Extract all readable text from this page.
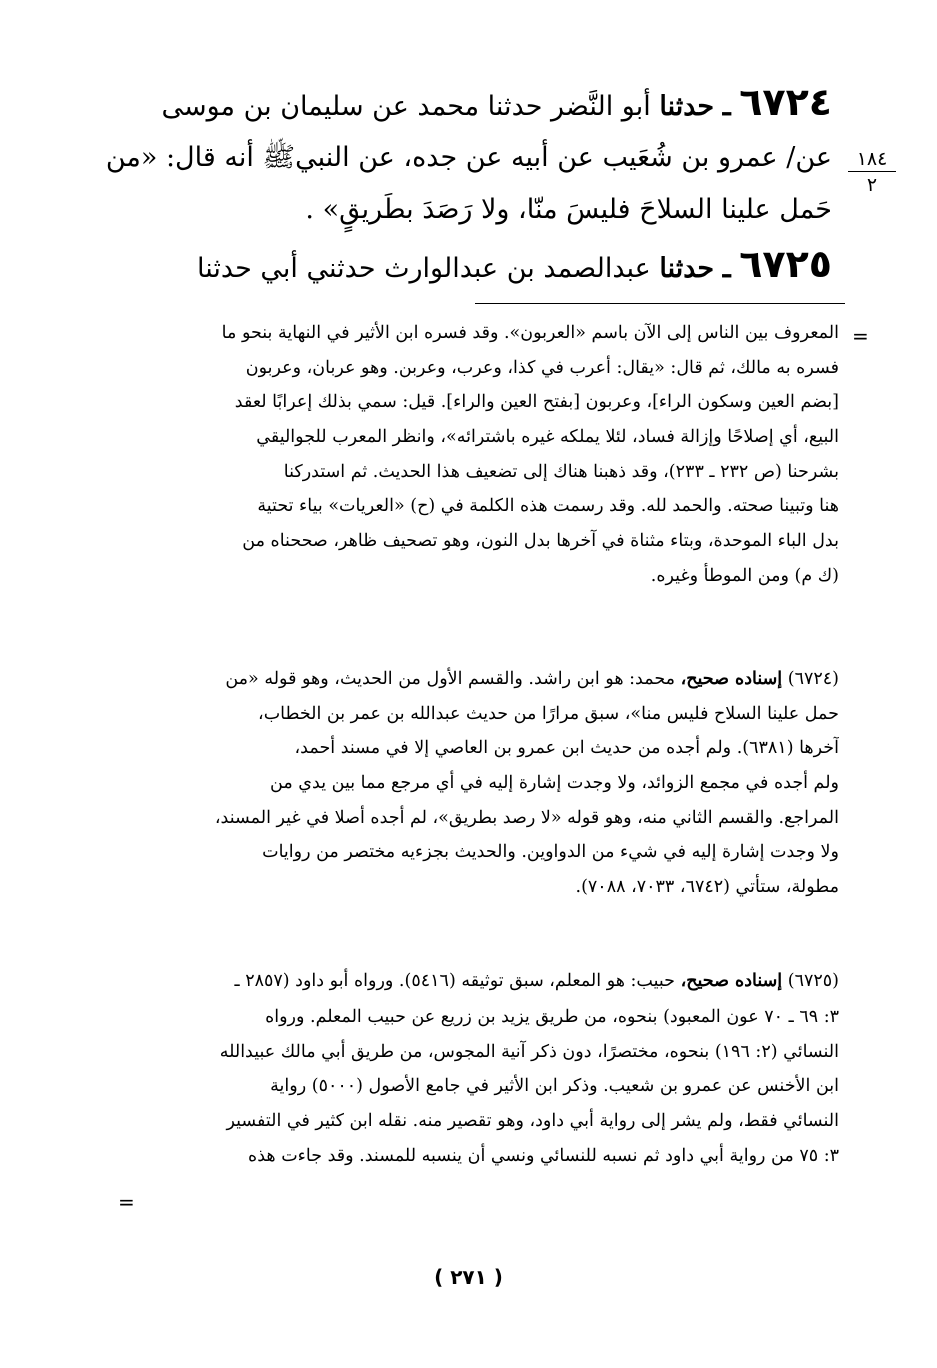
٦٧٢٤ ـ حدثنا أبو النَّضر حدثنا محمد عن سليمان بن موسى
عن/ عمرو بن شُعَيب عن أبيه عن جده، عن النبيﷺ أنه قال: «من
حَمل علينا السلاحَ فليسَ منّا، ولا رَصَدَ بطَريقٍ» .
١٨٤
٢
٦٧٢٥ ـ حدثنا عبدالصمد بن عبدالوارث حدثني أبي حدثنا
=
المعروف بين الناس إلى الآن باسم «العربون». وقد فسره ابن الأثير في النهاية بنحو ما
فسره به مالك، ثم قال: «يقال: أعرب في كذا، وعرب، وعربن. وهو عربان، وعربون
[بضم العين وسكون الراء]، وعربون [بفتح العين والراء]. قيل: سمي بذلك إعرابًا لعقد
البيع، أي إصلاحًا وإزالة فساد، لئلا يملكه غيره باشترائه»، وانظر المعرب للجواليقي
بشرحنا (ص ٢٣٢ ـ ٢٣٣)، وقد ذهبنا هناك إلى تضعيف هذا الحديث. ثم استدركنا
هنا وتبينا صحته. والحمد لله. وقد رسمت هذه الكلمة في (ح) «العريات» بياء تحتية
بدل الباء الموحدة، وبتاء مثناة في آخرها بدل النون، وهو تصحيف ظاهر، صححناه من
(ك م) ومن الموطأ وغيره.
(٦٧٢٤) إسناده صحيح، محمد: هو ابن راشد. والقسم الأول من الحديث، وهو قوله «من
حمل علينا السلاح فليس منا»، سبق مرارًا من حديث عبدالله بن عمر بن الخطاب،
آخرها (٦٣٨١). ولم أجده من حديث ابن عمرو بن العاصي إلا في مسند أحمد،
ولم أجده في مجمع الزوائد، ولا وجدت إشارة إليه في أي مرجع مما بين يدي من
المراجع. والقسم الثاني منه، وهو قوله «لا رصد بطريق»، لم أجده أصلا في غير المسند،
ولا وجدت إشارة إليه في شيء من الدواوين. والحديث بجزءيه مختصر من روايات
مطولة، ستأتي (٦٧٤٢، ٧٠٣٣، ٧٠٨٨).
(٦٧٢٥) إسناده صحيح، حبيب: هو المعلم، سبق توثيقه (٥٤١٦). ورواه أبو داود (٢٨٥٧ ـ
٣: ٦٩ ـ ٧٠ عون المعبود) بنحوه، من طريق يزيد بن زريع عن حبيب المعلم. ورواه
النسائي (٢: ١٩٦) بنحوه، مختصرًا، دون ذكر آنية المجوس، من طريق أبي مالك عبيدالله
ابن الأخنس عن عمرو بن شعيب. وذكر ابن الأثير في جامع الأصول (٥٠٠٠) رواية
النسائي فقط، ولم يشر إلى رواية أبي داود، وهو تقصير منه. نقله ابن كثير في التفسير
٣: ٧٥ من رواية أبي داود ثم نسبه للنسائي ونسي أن ينسبه للمسند. وقد جاءت هذه
=
( ٢٧١ )
